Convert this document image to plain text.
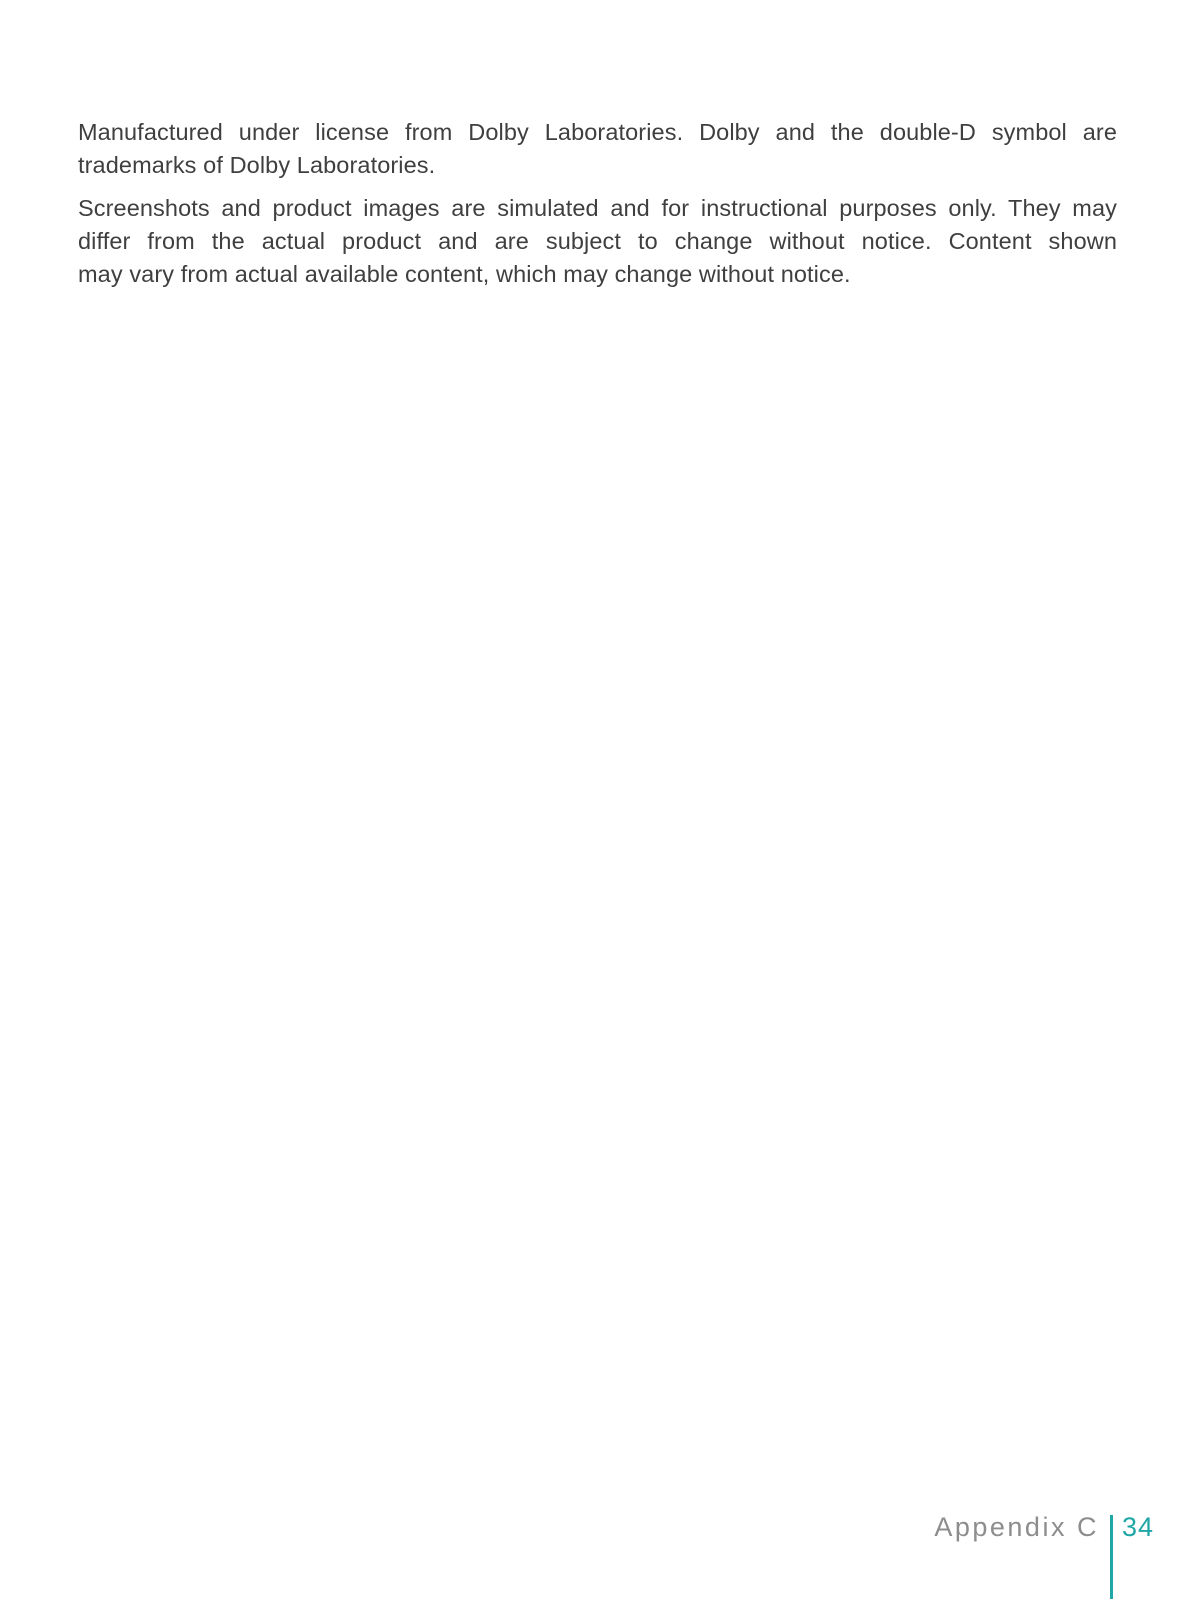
Manufactured under license from Dolby Laboratories. Dolby and the double-D symbol are
trademarks of Dolby Laboratories.

Screenshots and product images are simulated and for instructional purposes only. They may
differ from the actual product and are subject to change without notice. Content shown
may vary from actual available content, which may change without notice.

Appendix C 34
